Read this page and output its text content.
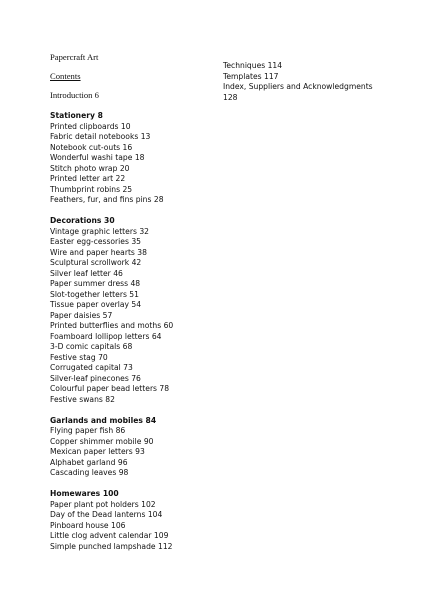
Papercraft Art
Contents
Introduction 6
Stationery 8
Printed clipboards 10
Fabric detail notebooks 13
Notebook cut-outs 16
Wonderful washi tape 18
Stitch photo wrap 20
Printed letter art 22
Thumbprint robins 25
Feathers, fur, and fins pins 28
Decorations 30
Vintage graphic letters 32
Easter egg-cessories 35
Wire and paper hearts 38
Sculptural scrollwork 42
Silver leaf letter 46
Paper summer dress 48
Slot-together letters 51
Tissue paper overlay 54
Paper daisies 57
Printed butterflies and moths 60
Foamboard lollipop letters 64
3-D comic capitals 68
Festive stag 70
Corrugated capital 73
Silver-leaf pinecones 76
Colourful paper bead letters 78
Festive swans 82
Garlands and mobiles 84
Flying paper fish 86
Copper shimmer mobile 90
Mexican paper letters 93
Alphabet garland 96
Cascading leaves 98
Homewares 100
Paper plant pot holders 102
Day of the Dead lanterns 104
Pinboard house 106
Little clog advent calendar 109
Simple punched lampshade 112
Techniques 114
Templates 117
Index, Suppliers and Acknowledgments 128
